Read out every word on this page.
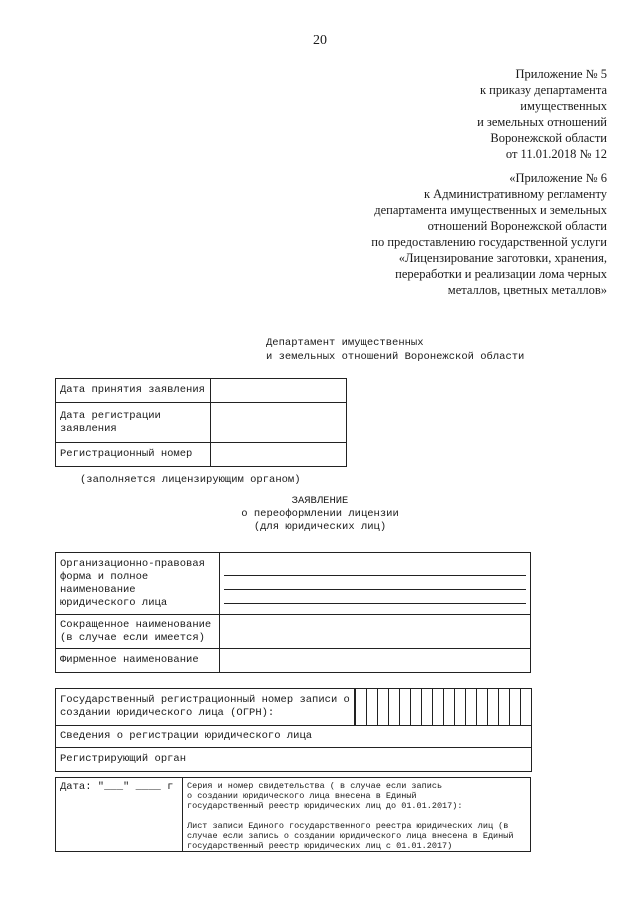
20
Приложение № 5
к приказу департамента
имущественных
и земельных отношений
Воронежской области
от 11.01.2018 № 12
«Приложение № 6
к Административному регламенту
департамента имущественных и земельных
отношений Воронежской области
по предоставлению государственной услуги
«Лицензирование заготовки, хранения,
переработки и реализации лома черных
металлов, цветных металлов»
Департамент имущественных
и земельных отношений Воронежской области
Дата принятия заявления	

Дата регистрации
заявления	

Регистрационный номер	
(заполняется лицензирующим органом)
ЗАЯВЛЕНИЕ
о переоформлении лицензии
(для юридических лиц)
Организационно-правовая
форма и полное
наименование
юридического лица	

Сокращенное наименование
(в случае если имеется)	

Фирменное наименование	
Государственный регистрационный номер записи о
создании юридического лица (ОГРН):

Сведения о регистрации юридического лица
Регистрирующий орган
Дата: "___" ____ г	Серия и номер свидетельства ( в случае если запись
о создании юридического лица внесена в Единый
государственный реестр юридических лиц до 01.01.2017):
Лист записи Единого государственного реестра юридических лиц (в
случае если запись о создании юридического лица внесена в Единый
государственный реестр юридических лиц с 01.01.2017)
